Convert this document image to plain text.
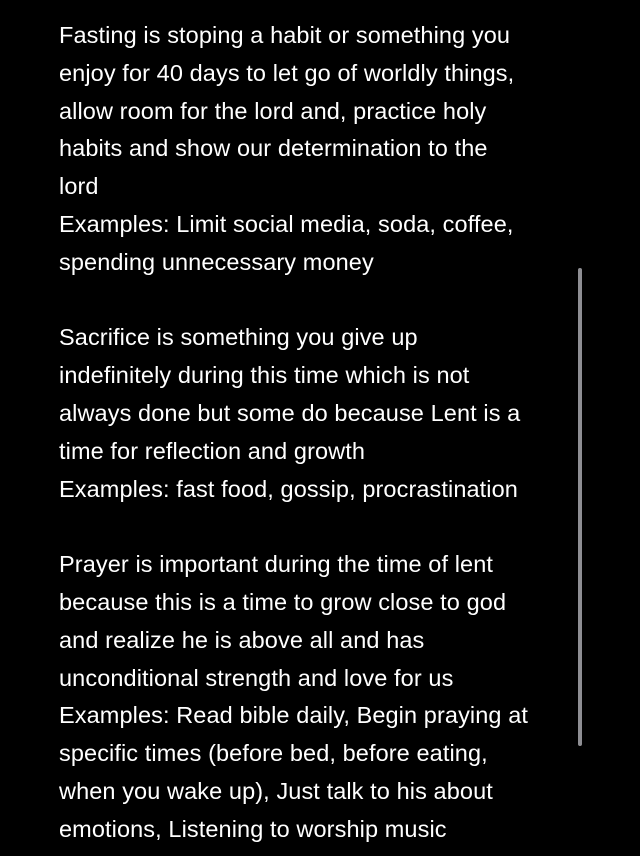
Fasting is stoping a habit or something you
enjoy for 40 days to let go of worldly things,
allow room for the lord and, practice holy
habits and show our determination to the
lord
Examples: Limit social media, soda, coffee,
spending unnecessary money
Sacrifice is something you give up
indefinitely during this time which is not
always done but some do because Lent is a
time for reflection and growth
Examples: fast food, gossip, procrastination
Prayer is important during the time of lent
because this is a time to grow close to god
and realize he is above all and has
unconditional strength and love for us
Examples: Read bible daily, Begin praying at
specific times (before bed, before eating,
when you wake up), Just talk to his about
emotions, Listening to worship music
